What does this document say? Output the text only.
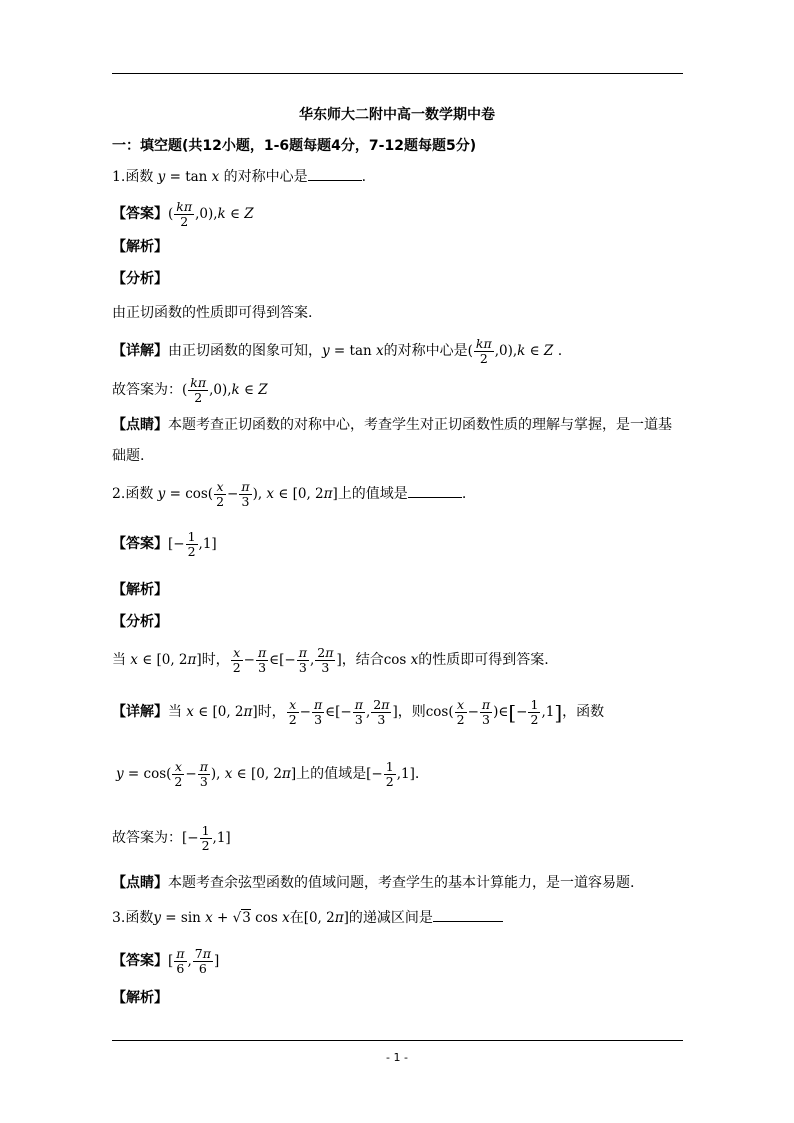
华东师大二附中高一数学期中卷
一：填空题(共12小题，1-6题每题4分，7-12题每题5分)
1.函数 y = tan x 的对称中心是	.
【答案】( $\frac{k\pi}{2} ,0),k$ ∈ Z
【解析】
【分析】
由正切函数的性质即可得到答案.
【详解】由正切函数的图象可知，y = tan x的对称中心是( $\frac{k\pi}{2} ,0),k$ ∈ Z .
故答案为：( $\frac{k\pi}{2} ,0),k$ ∈ Z
【点睛】本题考查正切函数的对称中心，考查学生对正切函数性质的理解与掌握，是一道基
础题.
2.函数 $y = \cos( \frac{x}{2} - \frac{\pi}{3}$ ), x ∈ [0, 2π]上的值域是	.
【答案】[− $\frac{1}{2} ,1$]
【解析】
【分析】
当 x ∈ [0, 2π]时， $\frac{x}{2} - \frac{\pi}{3}$ ∈[− $\frac{\pi}{3}$ , $\frac{2\pi}{3}$ ]，结合cos x的性质即可得到答案.
【详解】当 x ∈ [0, 2π]时， $\frac{x}{2} - \frac{\pi}{3}$ ∈[− $\frac{\pi}{3}$ , $\frac{2\pi}{3}$ ]，则$\cos( \frac{x}{2} - \frac{\pi}{3}$ )∈[− $\frac{1}{2} ,1$]，函数
$y = \cos( \frac{x}{2} - \frac{\pi}{3}$ ), x ∈ [0, 2π]上的值域是[− $\frac{1}{2} ,1$].
故答案为：[− $\frac{1}{2} ,1$]
【点睛】本题考查余弦型函数的值域问题，考查学生的基本计算能力，是一道容易题.
3.函数y = sin x + √3 cos x在[0, 2π]的递减区间是
【答案】[ $\frac{\pi}{6}$ , $\frac{7\pi}{6}$ ]
【解析】
- 1 -
